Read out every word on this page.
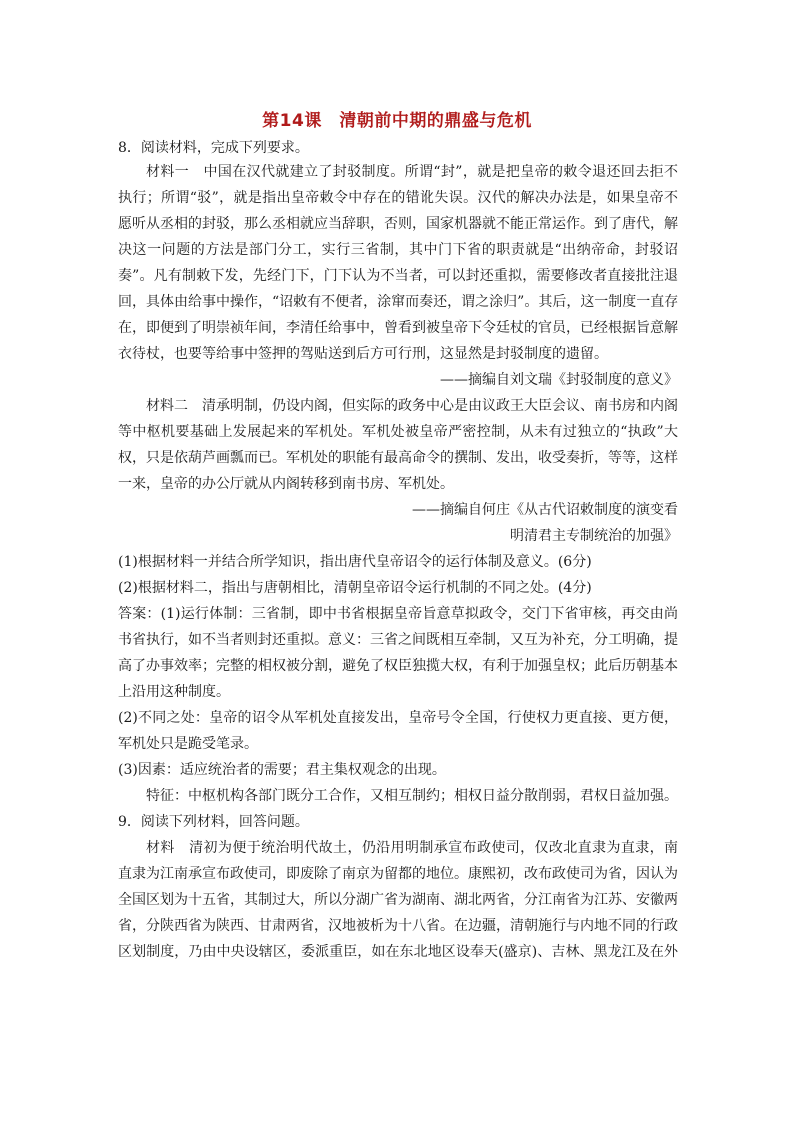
第14课　清朝前中期的鼎盛与危机
8．阅读材料，完成下列要求。
材料一　中国在汉代就建立了封驳制度。所谓“封”，就是把皇帝的敕令退还回去拒不
执行；所谓“驳”，就是指出皇帝敕令中存在的错讹失误。汉代的解决办法是，如果皇帝不
愿听从丞相的封驳，那么丞相就应当辞职，否则，国家机器就不能正常运作。到了唐代，解
决这一问题的方法是部门分工，实行三省制，其中门下省的职责就是“出纳帝命，封驳诏
奏”。凡有制敕下发，先经门下，门下认为不当者，可以封还重拟，需要修改者直接批注退
回，具体由给事中操作，“诏敕有不便者，涂窜而奏还，谓之涂归”。其后，这一制度一直存
在，即便到了明崇祯年间，李清任给事中，曾看到被皇帝下令廷杖的官员，已经根据旨意解
衣待杖，也要等给事中签押的驾贴送到后方可行刑，这显然是封驳制度的遗留。
——摘编自刘文瑞《封驳制度的意义》
材料二　清承明制，仍设内阁，但实际的政务中心是由议政王大臣会议、南书房和内阁
等中枢机要基础上发展起来的军机处。军机处被皇帝严密控制，从未有过独立的“执政”大
权，只是依葫芦画瓢而已。军机处的职能有最高命令的撰制、发出，收受奏折，等等，这样
一来，皇帝的办公厅就从内阁转移到南书房、军机处。
——摘编自何庄《从古代诏敕制度的演变看
明清君主专制统治的加强》
(1)根据材料一并结合所学知识，指出唐代皇帝诏令的运行体制及意义。(6分)
(2)根据材料二，指出与唐朝相比，清朝皇帝诏令运行机制的不同之处。(4分)
答案：(1)运行体制：三省制，即中书省根据皇帝旨意草拟政令，交门下省审核，再交由尚
书省执行，如不当者则封还重拟。意义：三省之间既相互牵制，又互为补充，分工明确，提
高了办事效率；完整的相权被分割，避免了权臣独揽大权，有利于加强皇权；此后历朝基本
上沿用这种制度。
(2)不同之处：皇帝的诏令从军机处直接发出，皇帝号令全国，行使权力更直接、更方便，
军机处只是跪受笔录。
(3)因素：适应统治者的需要；君主集权观念的出现。
特征：中枢机构各部门既分工合作，又相互制约；相权日益分散削弱，君权日益加强。
9．阅读下列材料，回答问题。
材料　清初为便于统治明代故土，仍沿用明制承宣布政使司，仅改北直隶为直隶，南
直隶为江南承宣布政使司，即废除了南京为留都的地位。康熙初，改布政使司为省，因认为
全国区划为十五省，其制过大，所以分湖广省为湖南、湖北两省，分江南省为江苏、安徽两
省，分陕西省为陕西、甘肃两省，汉地被析为十八省。在边疆，清朝施行与内地不同的行政
区划制度，乃由中央设辖区，委派重臣，如在东北地区设奉天(盛京)、吉林、黑龙江及在外
